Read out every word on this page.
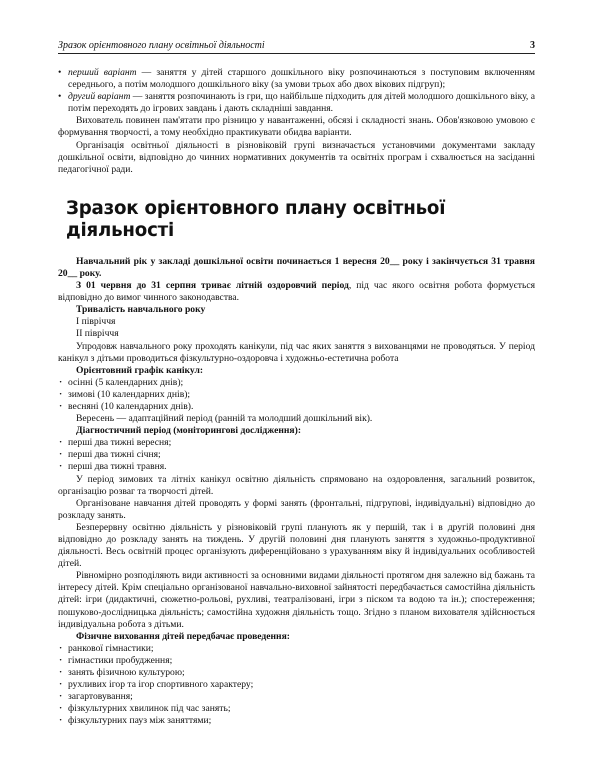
Зразок орієнтовного плану освітньої діяльності	3

• перший варіант — заняття у дітей старшого дошкільного віку розпочинаються з поступовим включенням середнього, а потім молодшого дошкільного віку (за умови трьох або двох вікових підгруп);

• другий варіант — заняття розпочинають із гри, що найбільше підходить для дітей молодшого дошкільного віку, а потім переходять до ігрових завдань і дають складніші завдання.

Вихователь повинен пам'ятати про різницю у навантаженні, обсязі і складності знань. Обов'язковою умовою є формування творчості, а тому необхідно практикувати обидва варіанти.

Організація освітньої діяльності в різновіковій групі визначається установчими документами закладу дошкільної освіти, відповідно до чинних нормативних документів та освітніх програм і схвалюється на засіданні педагогічної ради.

Зразок орієнтовного плану освітньої діяльності

Навчальний рік у закладі дошкільної освіти починається 1 вересня 20__ року і закінчується 31 травня 20__ року.

З 01 червня до 31 серпня триває літній оздоровчий період, під час якого освітня робота формується відповідно до вимог чинного законодавства.

Тривалість навчального року

I півріччя

II півріччя

Упродовж навчального року проходять канікули, під час яких заняття з вихованцями не проводяться. У період канікул з дітьми проводиться фізкультурно-оздоровча і художньо-естетична робота

Орієнтовний графік канікул:

· осінні (5 календарних днів);

· зимові (10 календарних днів);

· весняні (10 календарних днів).

Вересень — адаптаційний період (ранній та молодший дошкільний вік).

Діагностичний період (моніторингові дослідження):

· перші два тижні вересня;

· перші два тижні січня;

· перші два тижні травня.

У період зимових та літніх канікул освітню діяльність спрямовано на оздоровлення, загальний розвиток, організацію розваг та творчості дітей.

Організоване навчання дітей проводять у формі занять (фронтальні, підгрупові, індивідуальні) відповідно до розкладу занять.

Безперервну освітню діяльність у різновіковій групі планують як у першій, так і в другій половині дня відповідно до розкладу занять на тиждень. У другій половині дня планують заняття з художньо-продуктивної діяльності. Весь освітній процес організують диференційовано з урахуванням віку й індивідуальних особливостей дітей.

Рівномірно розподіляють види активності за основними видами діяльності протягом дня залежно від бажань та інтересу дітей. Крім спеціально організованої навчально-виховної зайнятості передбачається самостійна діяльність дітей: ігри (дидактичні, сюжетно-рольові, рухливі, театралізовані, ігри з піском та водою та ін.); спостереження; пошуково-дослідницька діяльність; самостійна художня діяльність тощо. Згідно з планом вихователя здійснюється індивідуальна робота з дітьми.

Фізичне виховання дітей передбачає проведення:

· ранкової гімнастики;

· гімнастики пробудження;

· занять фізичною культурою;

· рухливих ігор та ігор спортивного характеру;

· загартовування;

· фізкультурних хвилинок під час занять;

· фізкультурних пауз між заняттями;
